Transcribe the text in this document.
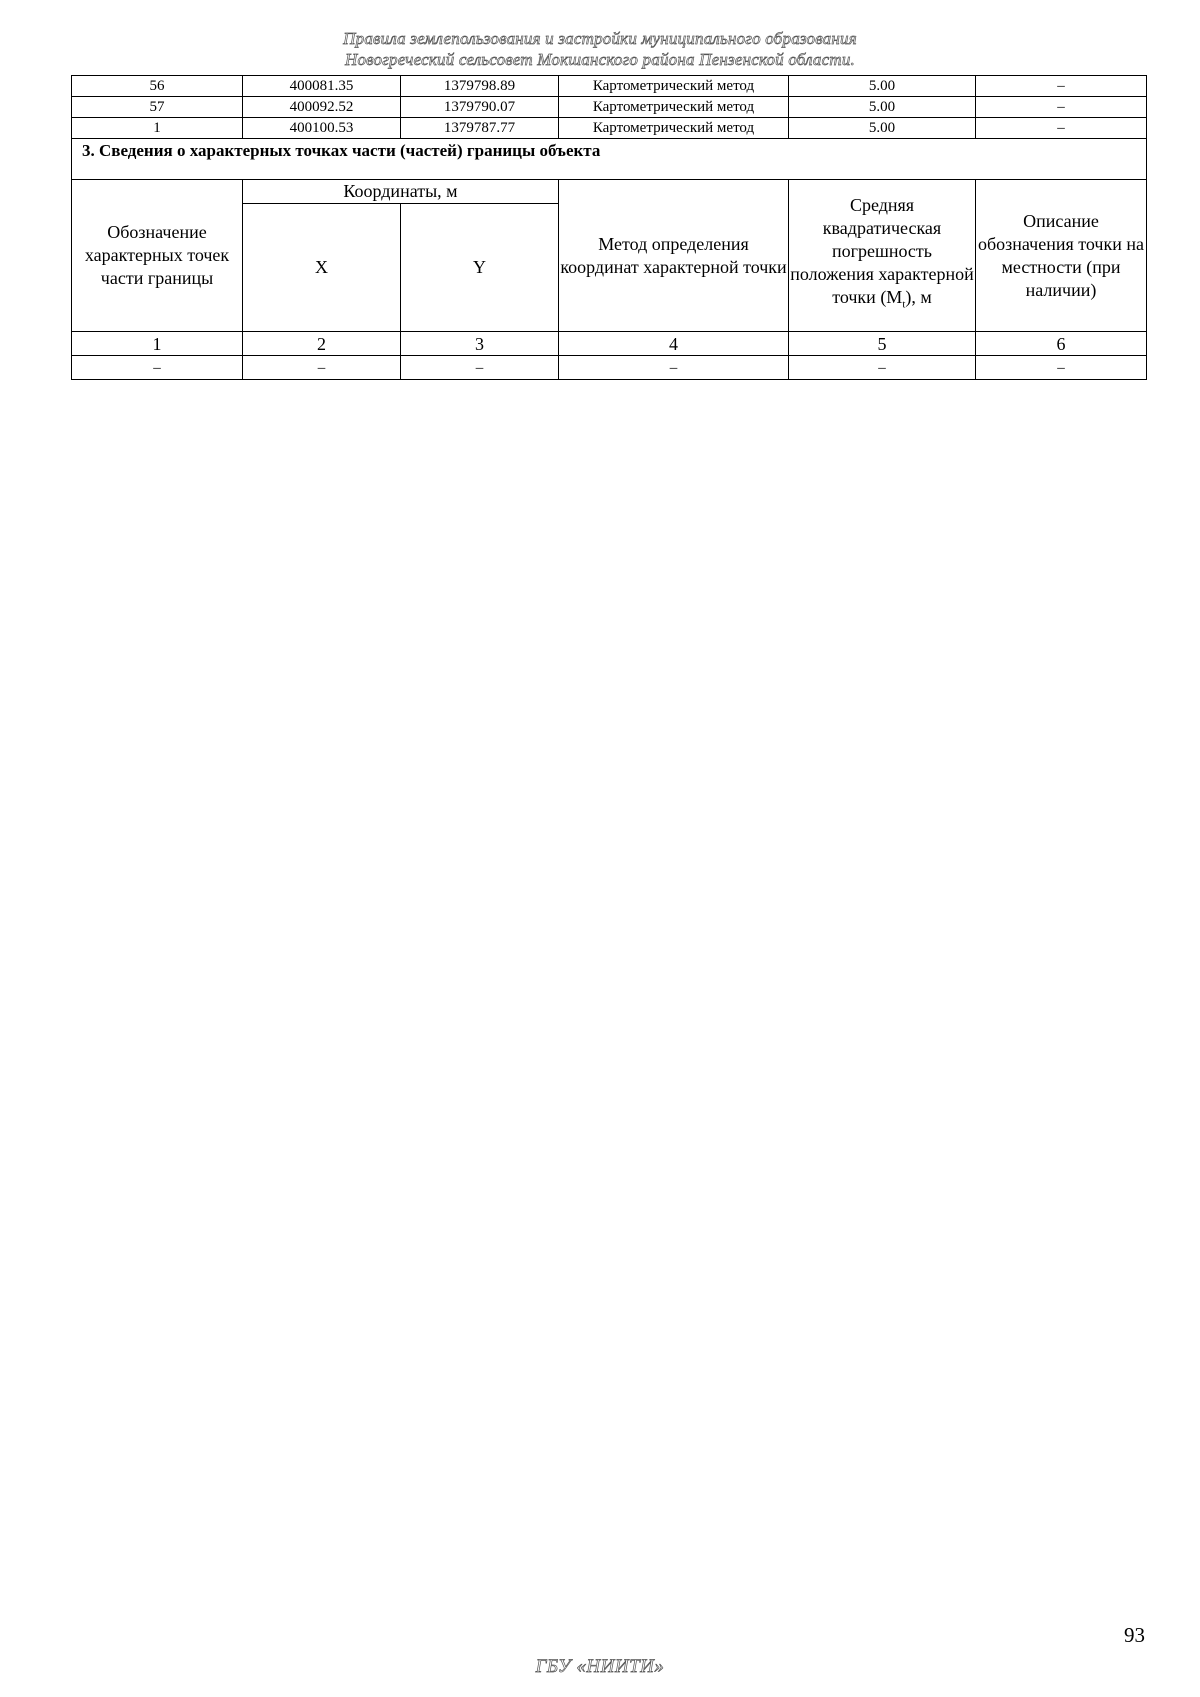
Правила землепользования и застройки муниципального образования
Новогреческий сельсовет Мокшанского района Пензенской области.
56	400081.35	1379798.89	Картометрический метод	5.00	–
57	400092.52	1379790.07	Картометрический метод	5.00	–
1	400100.53	1379787.77	Картометрический метод	5.00	–
3. Сведения о характерных точках части (частей) границы объекта					
Обозначение характерных точек части границы	Координаты, м		Метод определения координат характерной точки	Средняя квадратическая погрешность положения характерной точки $(M_t)$, м	Описание обозначения точки на местности (при наличии)
	X	Y			
1	2	3	4	5	6
–	–	–	–	–	–
93
ГБУ «НИИТИ»
